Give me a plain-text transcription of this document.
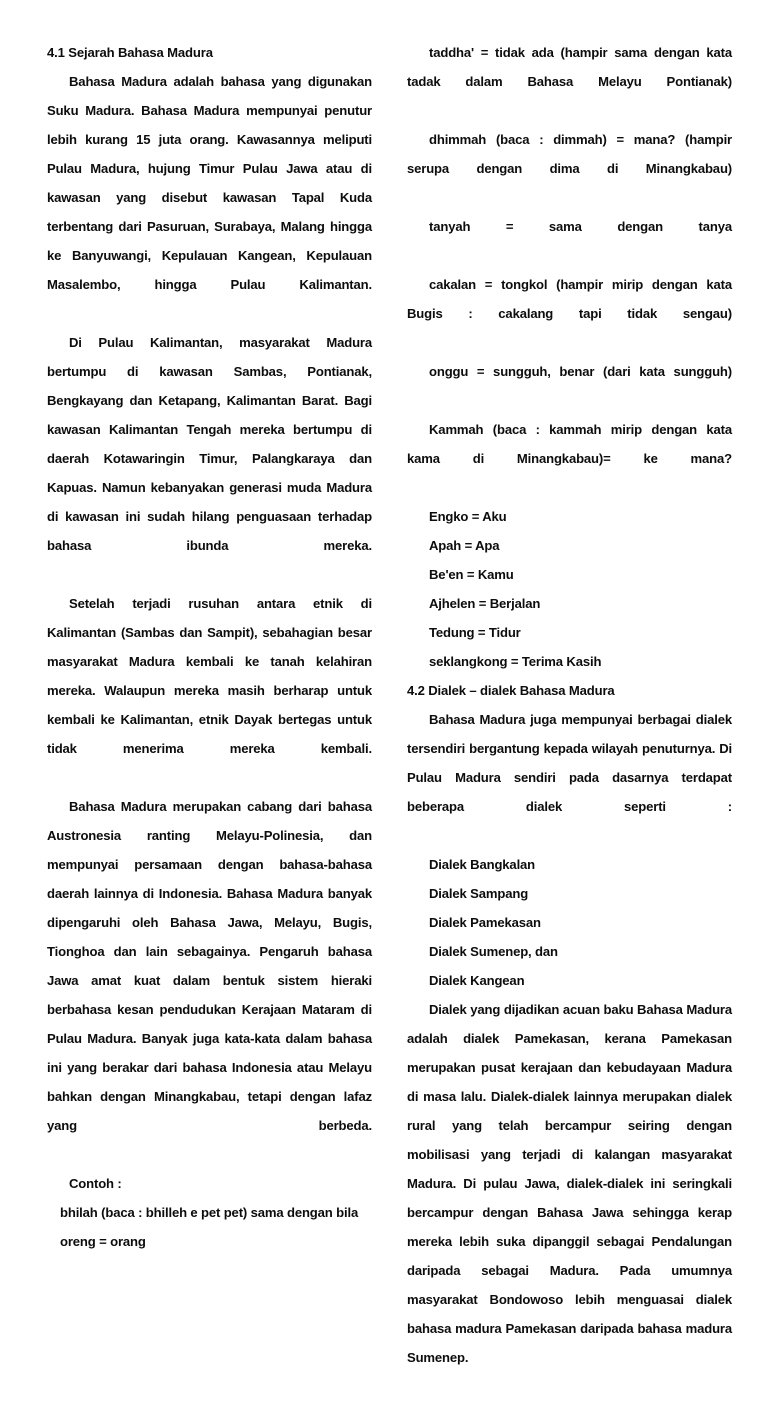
4.1 Sejarah Bahasa Madura

Bahasa Madura adalah bahasa yang digunakan Suku Madura. Bahasa Madura mempunyai penutur lebih kurang 15 juta orang. Kawasannya meliputi Pulau Madura, hujung Timur Pulau Jawa atau di kawasan yang disebut kawasan Tapal Kuda terbentang dari Pasuruan, Surabaya, Malang hingga ke Banyuwangi, Kepulauan Kangean, Kepulauan Masalembo, hingga Pulau Kalimantan.

Di Pulau Kalimantan, masyarakat Madura bertumpu di kawasan Sambas, Pontianak, Bengkayang dan Ketapang, Kalimantan Barat. Bagi kawasan Kalimantan Tengah mereka bertumpu di daerah Kotawaringin Timur, Palangkaraya dan Kapuas. Namun kebanyakan generasi muda Madura di kawasan ini sudah hilang penguasaan terhadap bahasa ibunda mereka.

Setelah terjadi rusuhan antara etnik di Kalimantan (Sambas dan Sampit), sebahagian besar masyarakat Madura kembali ke tanah kelahiran mereka. Walaupun mereka masih berharap untuk kembali ke Kalimantan, etnik Dayak bertegas untuk tidak menerima mereka kembali.

Bahasa Madura merupakan cabang dari bahasa Austronesia ranting Melayu-Polinesia, dan mempunyai persamaan dengan bahasa-bahasa daerah lainnya di Indonesia. Bahasa Madura banyak dipengaruhi oleh Bahasa Jawa, Melayu, Bugis, Tionghoa dan lain sebagainya. Pengaruh bahasa Jawa amat kuat dalam bentuk sistem hieraki berbahasa kesan pendudukan Kerajaan Mataram di Pulau Madura. Banyak juga kata-kata dalam bahasa ini yang berakar dari bahasa Indonesia atau Melayu bahkan dengan Minangkabau, tetapi dengan lafaz yang berbeda.

Contoh :

bhilah (baca : bhilleh e pet pet) sama dengan bila

oreng = orang

taddha' = tidak ada (hampir sama dengan kata tadak dalam Bahasa Melayu Pontianak)

dhimmah (baca : dimmah) = mana? (hampir serupa dengan dima di Minangkabau)

tanyah = sama dengan tanya

cakalan = tongkol (hampir mirip dengan kata Bugis : cakalang tapi tidak sengau)

onggu = sungguh, benar (dari kata sungguh)

Kammah (baca : kammah mirip dengan kata kama di Minangkabau)= ke mana?

Engko = Aku

Apah = Apa

Be'en = Kamu

Ajhelen = Berjalan

Tedung = Tidur

seklangkong = Terima Kasih

4.2 Dialek – dialek Bahasa Madura

Bahasa Madura juga mempunyai berbagai dialek tersendiri bergantung kepada wilayah penuturnya. Di Pulau Madura sendiri pada dasarnya terdapat beberapa dialek seperti :

Dialek Bangkalan

Dialek Sampang

Dialek Pamekasan

Dialek Sumenep, dan

Dialek Kangean

Dialek yang dijadikan acuan baku Bahasa Madura adalah dialek Pamekasan, kerana Pamekasan merupakan pusat kerajaan dan kebudayaan Madura di masa lalu. Dialek-dialek lainnya merupakan dialek rural yang telah bercampur seiring dengan mobilisasi yang terjadi di kalangan masyarakat Madura. Di pulau Jawa, dialek-dialek ini seringkali bercampur dengan Bahasa Jawa sehingga kerap mereka lebih suka dipanggil sebagai Pendalungan daripada sebagai Madura. Pada umumnya masyarakat Bondowoso lebih menguasai dialek bahasa madura Pamekasan daripada bahasa madura Sumenep.
